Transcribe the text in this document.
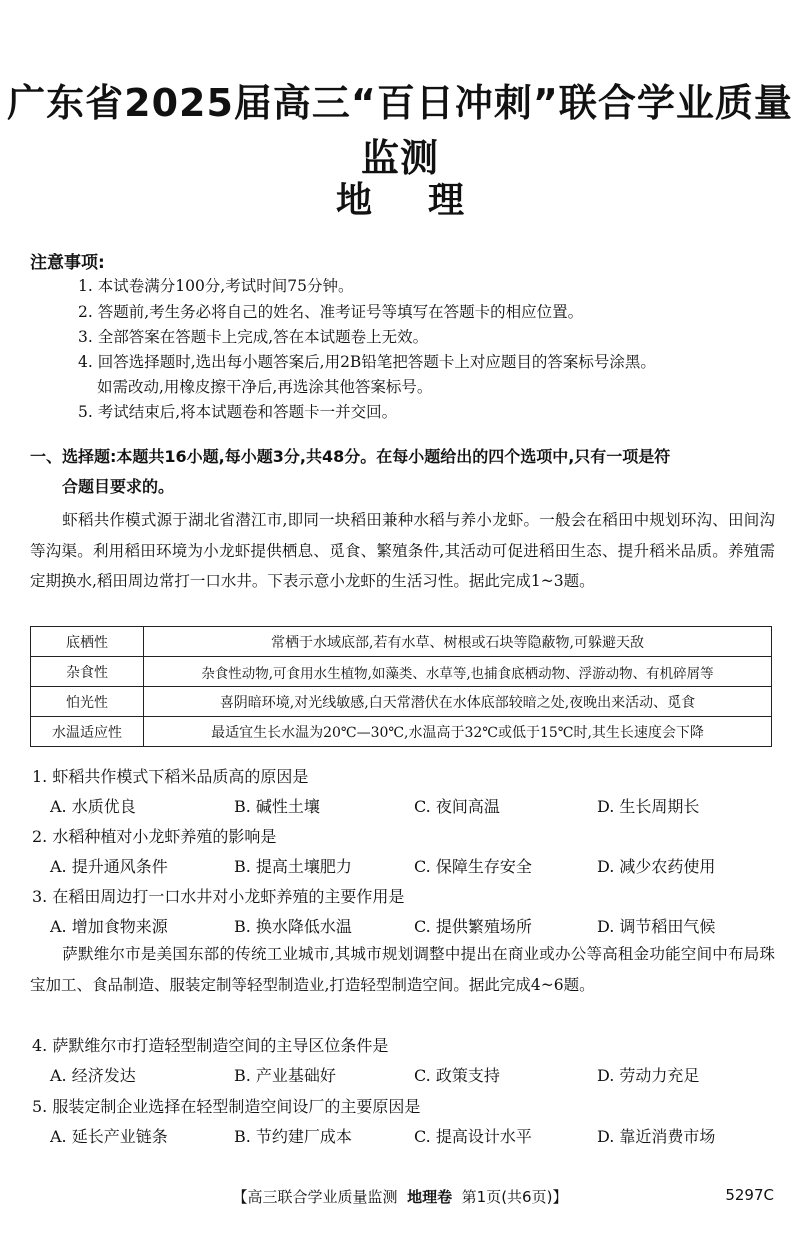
广东省2025届高三“百日冲刺”联合学业质量监测
地 理
注意事项:
1. 本试卷满分100分,考试时间75分钟。
2. 答题前,考生务必将自己的姓名、准考证号等填写在答题卡的相应位置。
3. 全部答案在答题卡上完成,答在本试题卷上无效。
4. 回答选择题时,选出每小题答案后,用2B铅笔把答题卡上对应题目的答案标号涂黑。
如需改动,用橡皮擦干净后,再选涂其他答案标号。
5. 考试结束后,将本试题卷和答题卡一并交回。
一、选择题:本题共16小题,每小题3分,共48分。在每小题给出的四个选项中,只有一项是符
合题目要求的。
虾稻共作模式源于湖北省潜江市,即同一块稻田兼种水稻与养小龙虾。一般会在稻田中规划环沟、田间沟等沟渠。利用稻田环境为小龙虾提供栖息、觅食、繁殖条件,其活动可促进稻田生态、提升稻米品质。养殖需定期换水,稻田周边常打一口水井。下表示意小龙虾的生活习性。据此完成1~3题。
底栖性	常栖于水域底部,若有水草、树根或石块等隐蔽物,可躲避天敌
杂食性	杂食性动物,可食用水生植物,如藻类、水草等,也捕食底栖动物、浮游动物、有机碎屑等
怕光性	喜阴暗环境,对光线敏感,白天常潜伏在水体底部较暗之处,夜晚出来活动、觅食
水温适应性	最适宜生长水温为20℃—30℃,水温高于32℃或低于15℃时,其生长速度会下降
1. 虾稻共作模式下稻米品质高的原因是
A. 水质优良	B. 碱性土壤	C. 夜间高温	D. 生长周期长
2. 水稻种植对小龙虾养殖的影响是
A. 提升通风条件	B. 提高土壤肥力	C. 保障生存安全	D. 减少农药使用
3. 在稻田周边打一口水井对小龙虾养殖的主要作用是
A. 增加食物来源	B. 换水降低水温	C. 提供繁殖场所	D. 调节稻田气候
萨默维尔市是美国东部的传统工业城市,其城市规划调整中提出在商业或办公等高租金功能空间中布局珠宝加工、食品制造、服装定制等轻型制造业,打造轻型制造空间。据此完成4~6题。
4. 萨默维尔市打造轻型制造空间的主导区位条件是
A. 经济发达	B. 产业基础好	C. 政策支持	D. 劳动力充足
5. 服装定制企业选择在轻型制造空间设厂的主要原因是
A. 延长产业链条	B. 节约建厂成本	C. 提高设计水平	D. 靠近消费市场
【高三联合学业质量监测 地理卷 第1页(共6页)】	5297C
